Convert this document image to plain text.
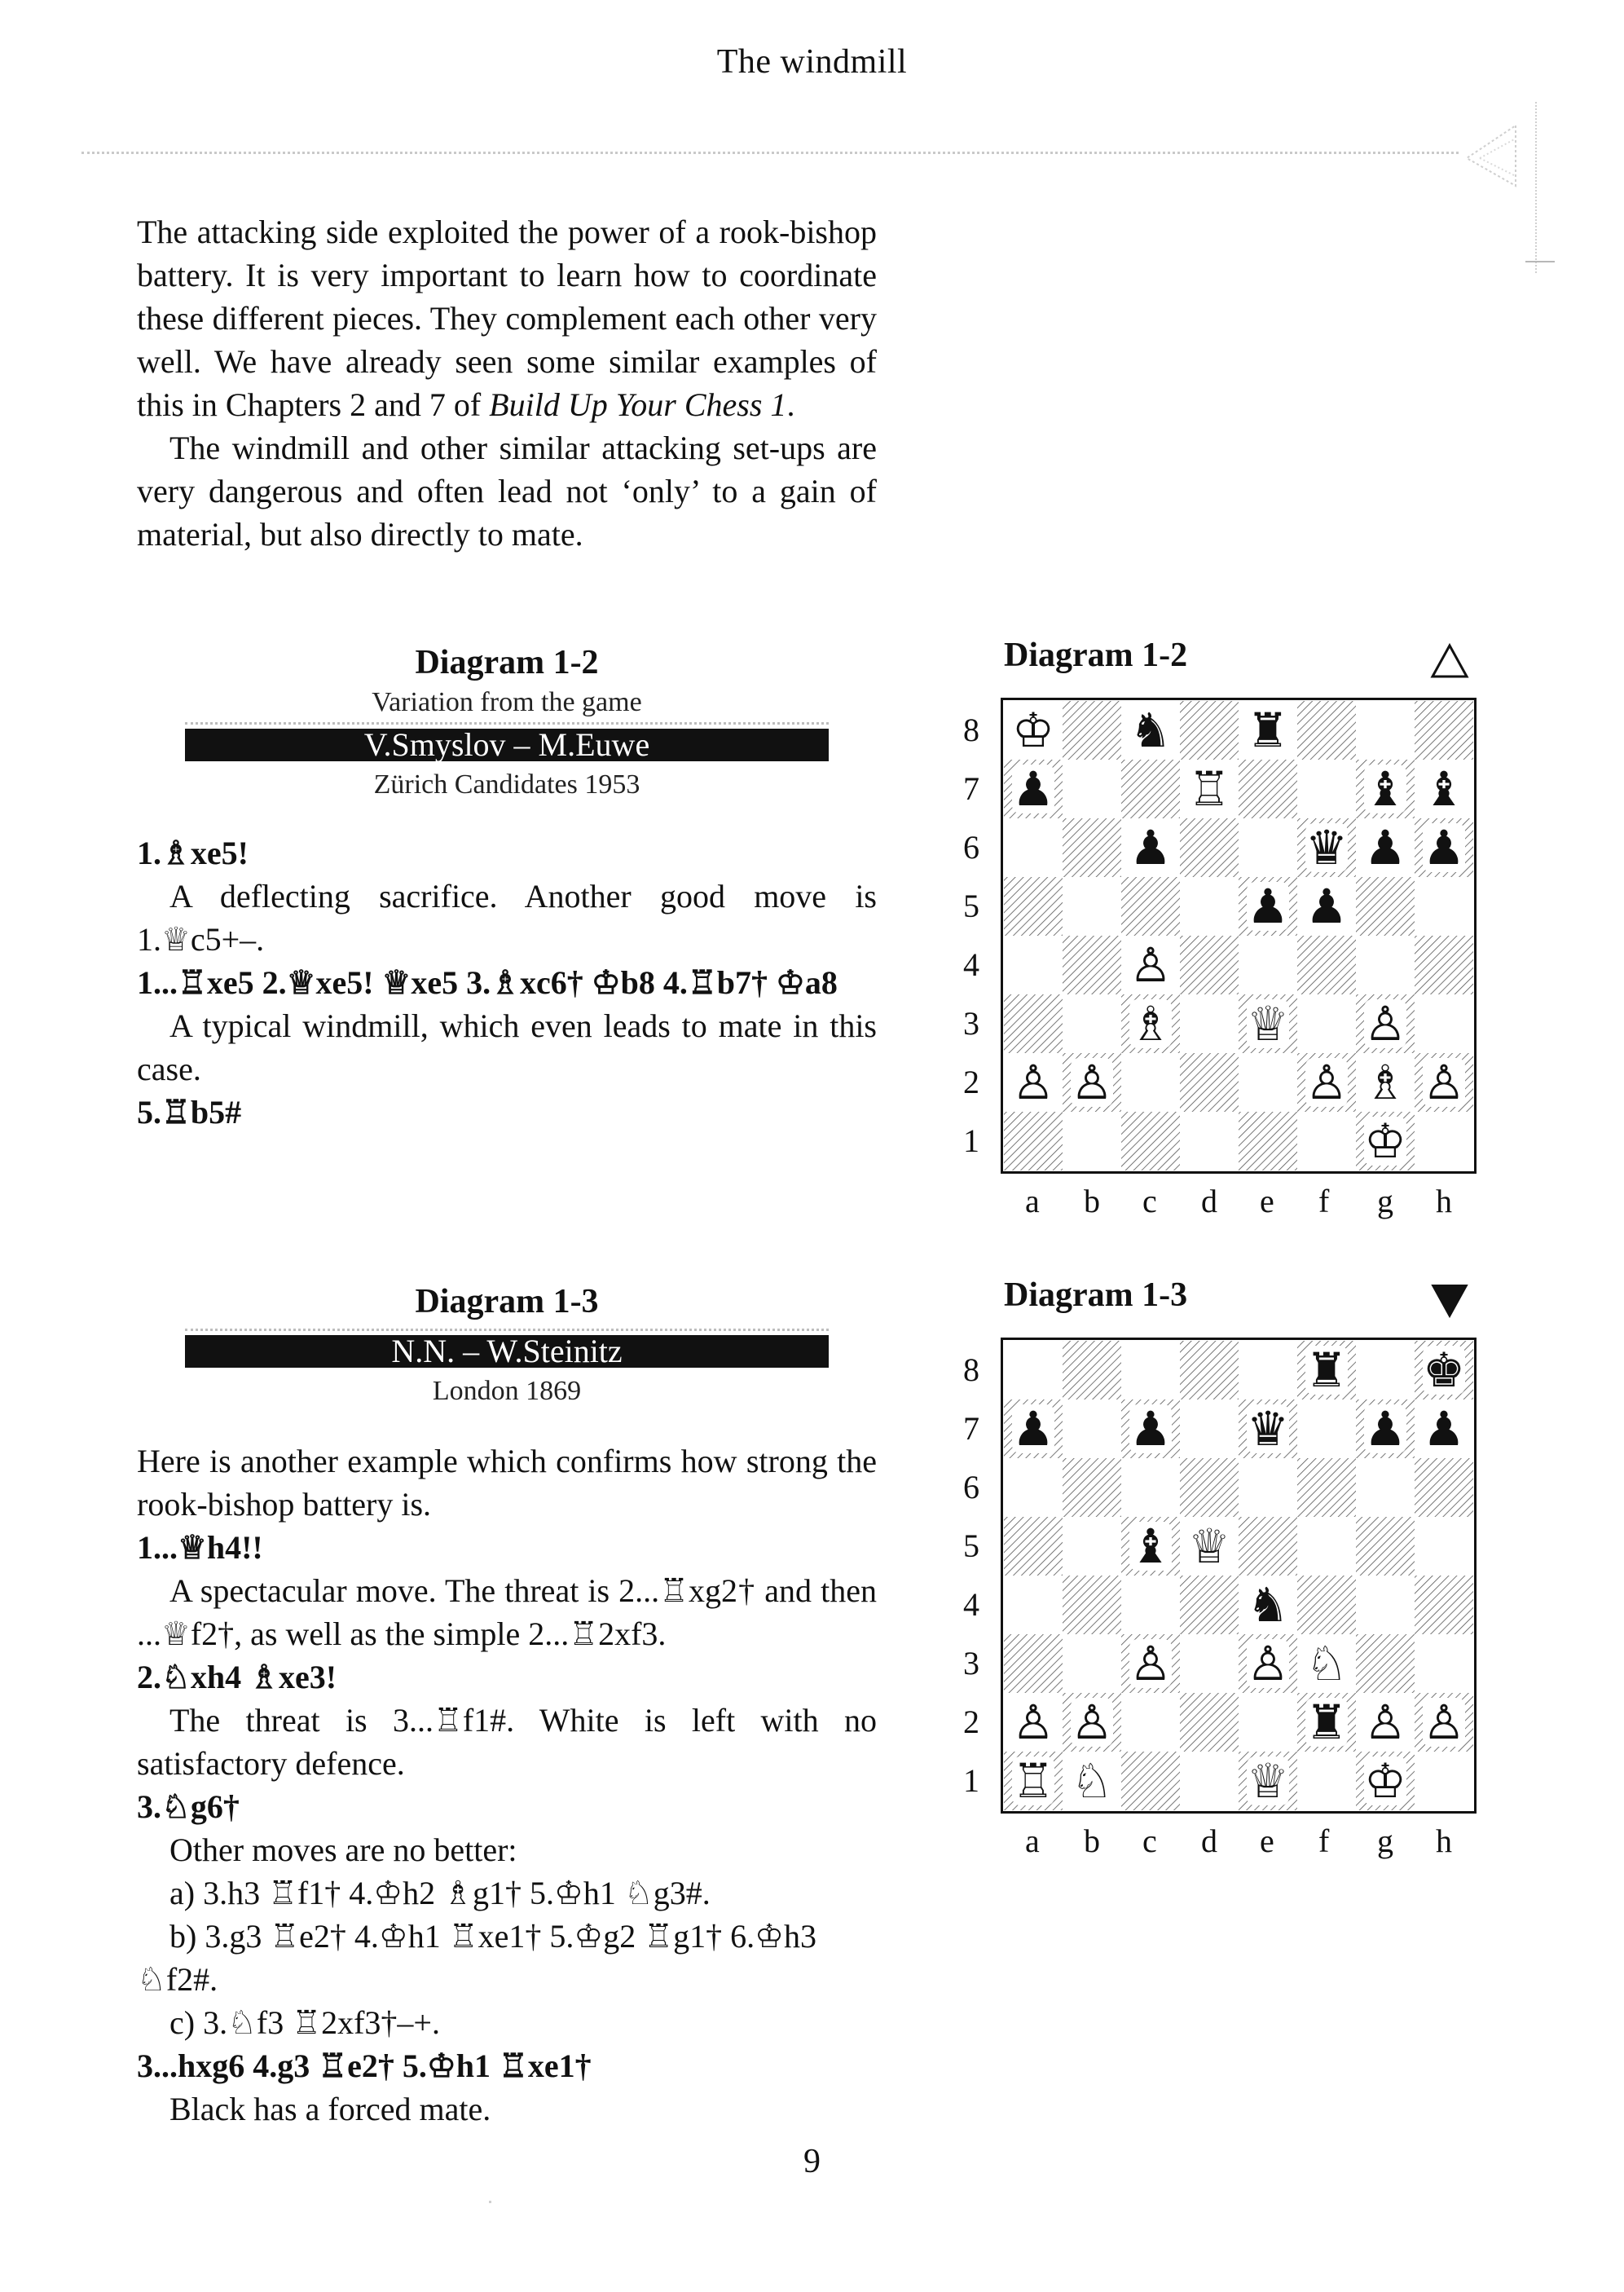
The windmill

The attacking side exploited the power of a rook-bishop battery. It is very important to learn how to coordinate these different pieces. They complement each other very well. We have already seen some similar examples of this in Chapters 2 and 7 of Build Up Your Chess 1.

The windmill and other similar attacking set-ups are very dangerous and often lead not ‘only’ to a gain of material, but also directly to mate.

Diagram 1-2
Variation from the game
V.Smyslov – M.Euwe
Zürich Candidates 1953

1.♗xe5!

A deflecting sacrifice. Another good move is 1.♕c5+–.

1...♖xe5 2.♕xe5! ♕xe5 3.♗xc6† ♔b8 4.♖b7† ♔a8

A typical windmill, which even leads to mate in this case.

5.♖b5#

Diagram 1-3
N.N. – W.Steinitz
London 1869

Here is another example which confirms how strong the rook-bishop battery is.

1...♕h4!!

A spectacular move. The threat is 2...♖xg2† and then ...♕f2†, as well as the simple 2...♖2xf3.

2.♘xh4 ♗xe3!

The threat is 3...♖f1#. White is left with no satisfactory defence.

3.♘g6†

Other moves are no better:

a) 3.h3 ♖f1† 4.♔h2 ♗g1† 5.♔h1 ♘g3#.

b) 3.g3 ♖e2† 4.♔h1 ♖xe1† 5.♔g2 ♖g1† 6.♔h3 ♘f2#.

c) 3.♘f3 ♖2xf3†–+.

3...hxg6 4.g3 ♖e2† 5.♔h1 ♖xe1†

Black has a forced mate.

Diagram 1-2
♔ ♞ ♜
♟	♖	♝ ♝
♟	♛ ♟ ♟
♟ ♟
♙
♗ ♕ ♙
♙ ♙	♙ ♗ ♙
♔
8
7
6
5
4
3
2
1
a b c d e f g h
Diagram 1-3
♜ ♚
♟ ♟ ♛ ♟ ♟
♝ ♕
♞
♙ ♙ ♘
♙ ♙	♜ ♙ ♙
♖ ♘	♕ ♔
8
7
6
5
4
3
2
1
a b c d e f g h
9
